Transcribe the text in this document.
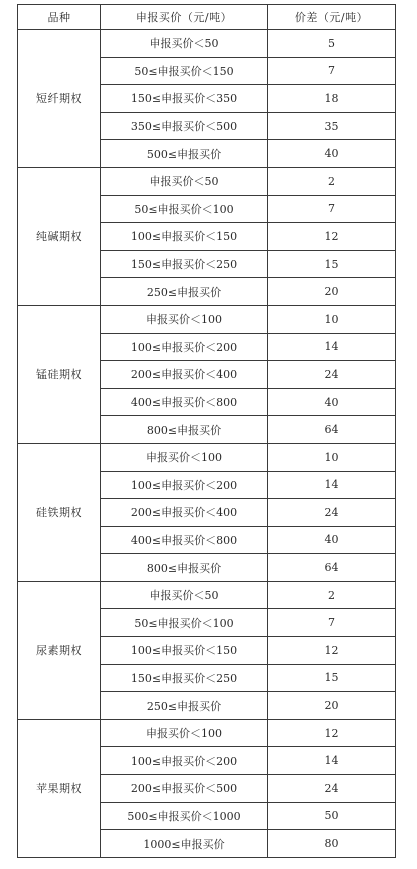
品种	申报买价（元/吨）	价差（元/吨）
短纤期权	申报买价＜50	5
	50≤申报买价＜150	7
	150≤申报买价＜350	18
	350≤申报买价＜500	35
	500≤申报买价	40
纯碱期权	申报买价＜50	2
	50≤申报买价＜100	7
	100≤申报买价＜150	12
	150≤申报买价＜250	15
	250≤申报买价	20
锰硅期权	申报买价＜100	10
	100≤申报买价＜200	14
	200≤申报买价＜400	24
	400≤申报买价＜800	40
	800≤申报买价	64
硅铁期权	申报买价＜100	10
	100≤申报买价＜200	14
	200≤申报买价＜400	24
	400≤申报买价＜800	40
	800≤申报买价	64
尿素期权	申报买价＜50	2
	50≤申报买价＜100	7
	100≤申报买价＜150	12
	150≤申报买价＜250	15
	250≤申报买价	20
苹果期权	申报买价＜100	12
	100≤申报买价＜200	14
	200≤申报买价＜500	24
	500≤申报买价＜1000	50
	1000≤申报买价	80
